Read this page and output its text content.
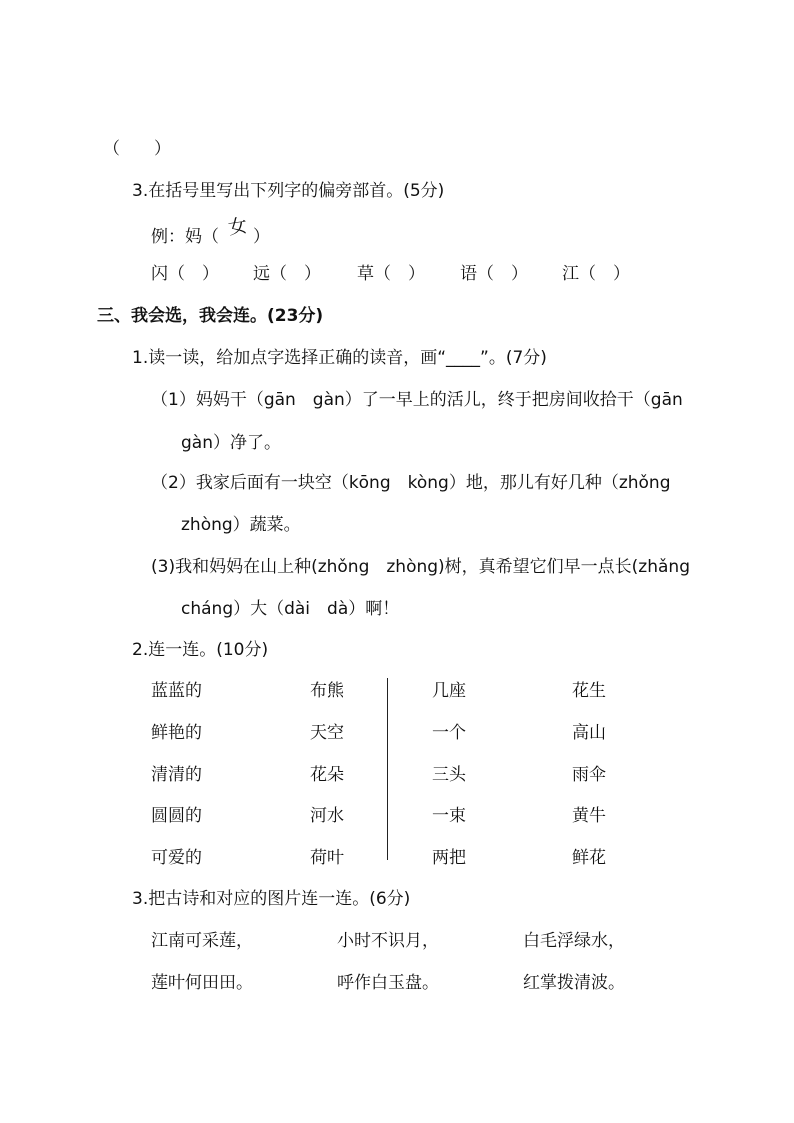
（　　）
3.在括号里写出下列字的偏旁部首。(5分)
例：妈（ 女 ）
闪（　） 远（　） 草（　） 语（　） 江（　）
三、我会选，我会连。(23分)
1.读一读，给加点字选择正确的读音，画“____”。(7分)
（1）妈妈干（gān　gàn）了一早上的活儿，终于把房间收拾干（gān
gàn）净了。
（2）我家后面有一块空（kōng　kòng）地，那儿有好几种（zhǒng
zhòng）蔬菜。
(3)我和妈妈在山上种(zhǒng　zhòng)树，真希望它们早一点长(zhǎng
cháng）大（dài　dà）啊！
2.连一连。(10分)
蓝蓝的
鲜艳的
清清的
圆圆的
可爱的
布熊
天空
花朵
河水
荷叶
几座
一个
三头
一束
两把
花生
高山
雨伞
黄牛
鲜花
3.把古诗和对应的图片连一连。(6分)
江南可采莲，
莲叶何田田。
小时不识月，
呼作白玉盘。
白毛浮绿水，
红掌拨清波。
